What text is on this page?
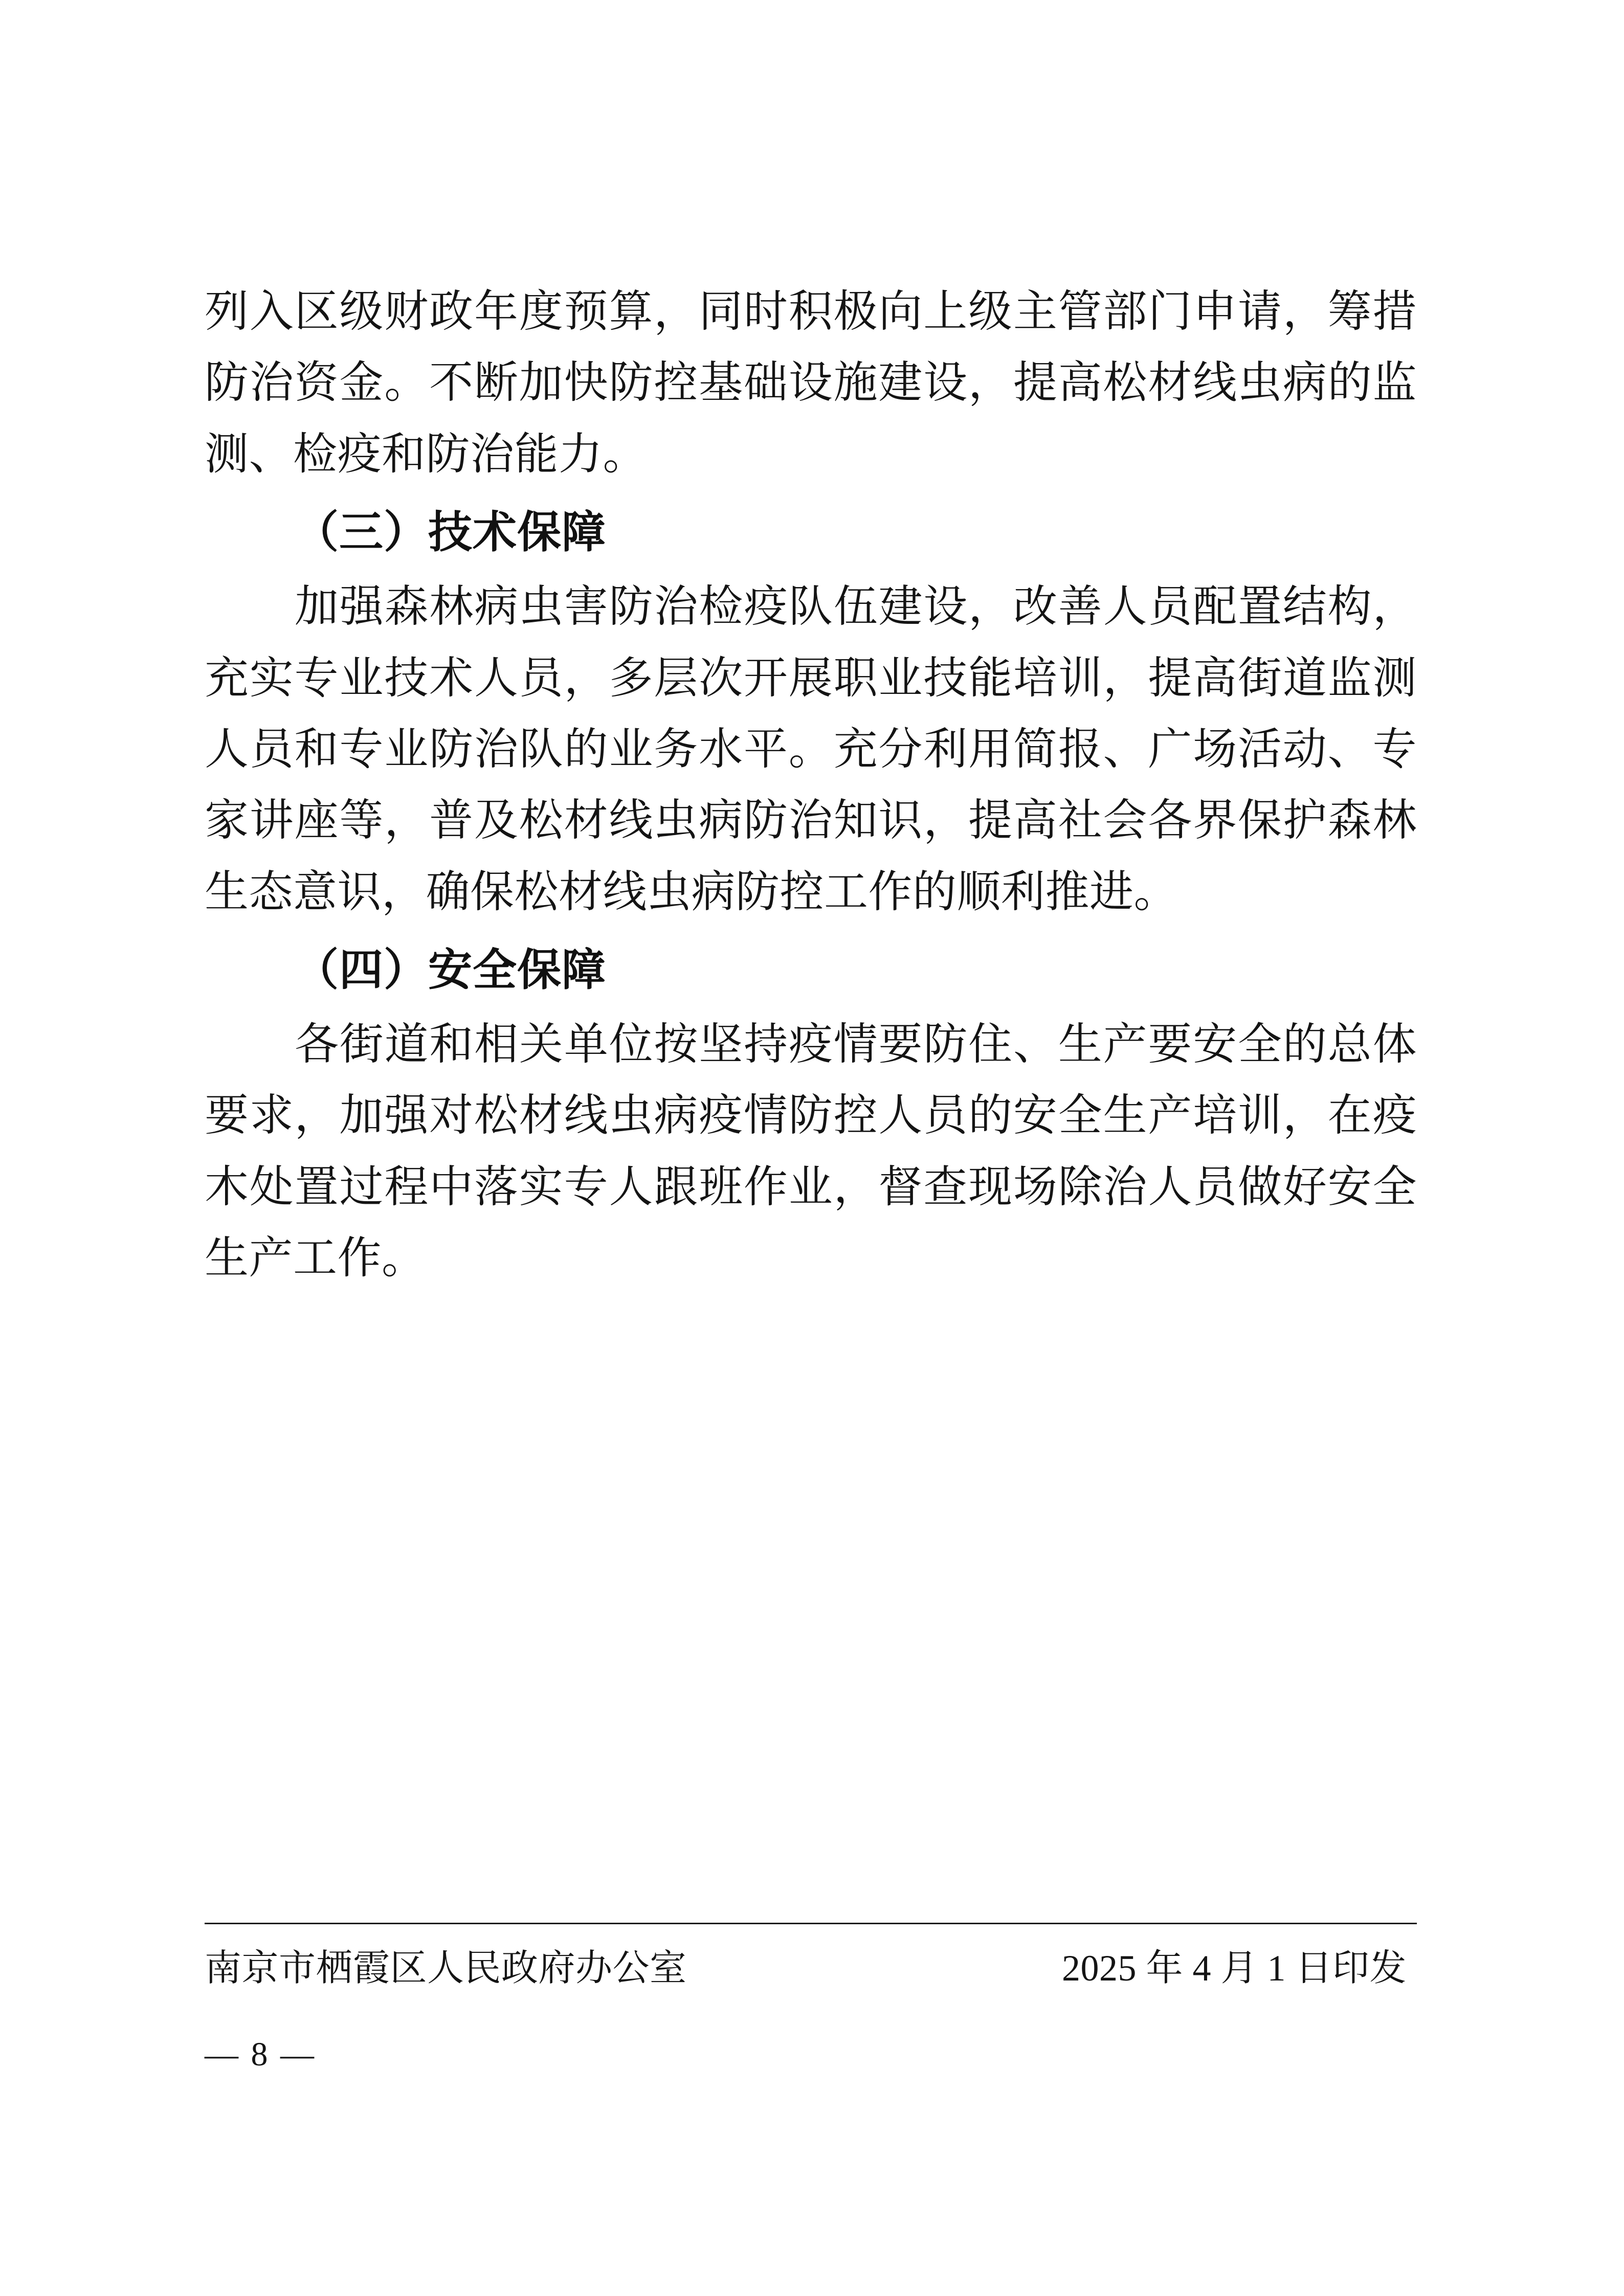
列入区级财政年度预算，同时积极向上级主管部门申请，筹措防治资金。不断加快防控基础设施建设，提高松材线虫病的监测、检疫和防治能力。

（三）技术保障

加强森林病虫害防治检疫队伍建设，改善人员配置结构，充实专业技术人员，多层次开展职业技能培训，提高街道监测人员和专业防治队的业务水平。充分利用简报、广场活动、专家讲座等，普及松材线虫病防治知识，提高社会各界保护森林生态意识，确保松材线虫病防控工作的顺利推进。

（四）安全保障

各街道和相关单位按坚持疫情要防住、生产要安全的总体要求，加强对松材线虫病疫情防控人员的安全生产培训，在疫木处置过程中落实专人跟班作业，督查现场除治人员做好安全生产工作。

南京市栖霞区人民政府办公室	2025 年 4 月 1 日印发
— 8 —
